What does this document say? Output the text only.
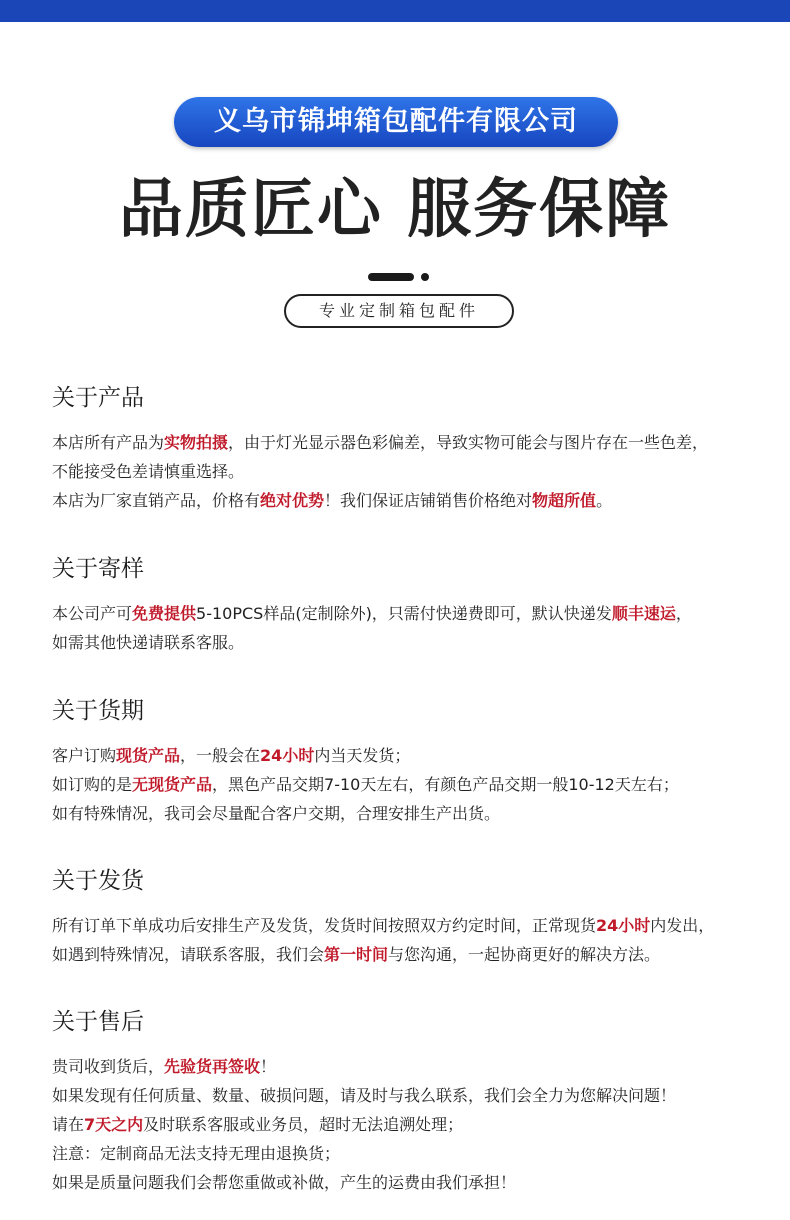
义乌市锦坤箱包配件有限公司
品质匠心 服务保障
专业定制箱包配件
关于产品

本店所有产品为实物拍摄，由于灯光显示器色彩偏差，导致实物可能会与图片存在一些色差，

不能接受色差请慎重选择。

本店为厂家直销产品，价格有绝对优势！我们保证店铺销售价格绝对物超所值。

关于寄样

本公司产可免费提供5-10PCS样品(定制除外)，只需付快递费即可，默认快递发顺丰速运，

如需其他快递请联系客服。

关于货期

客户订购现货产品，一般会在24小时内当天发货；

如订购的是无现货产品，黑色产品交期7-10天左右，有颜色产品交期一般10-12天左右；

如有特殊情况，我司会尽量配合客户交期，合理安排生产出货。

关于发货

所有订单下单成功后安排生产及发货，发货时间按照双方约定时间，正常现货24小时内发出，

如遇到特殊情况，请联系客服，我们会第一时间与您沟通，一起协商更好的解决方法。

关于售后

贵司收到货后，先验货再签收！

如果发现有任何质量、数量、破损问题，请及时与我么联系，我们会全力为您解决问题！

请在7天之内及时联系客服或业务员，超时无法追溯处理；

注意：定制商品无法支持无理由退换货；

如果是质量问题我们会帮您重做或补做，产生的运费由我们承担！
